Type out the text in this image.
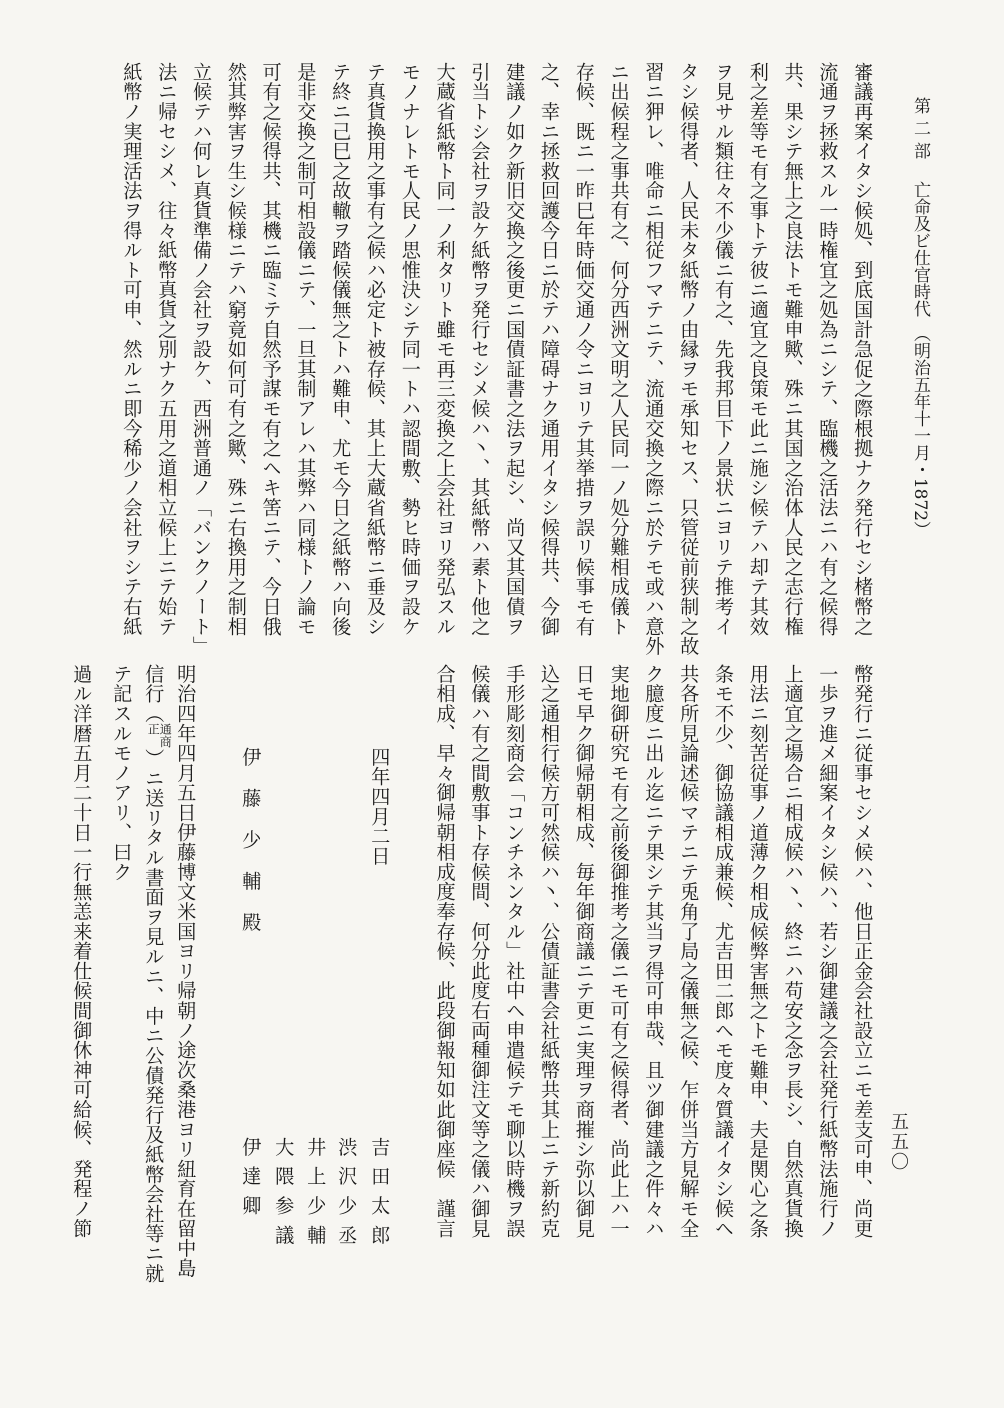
第 二 部亡命及ビ仕官時代（明治五年十一月・1872）
五五〇
審議再案イタシ候処、到底国計急促之際根拠ナク発行セシ楮幣之
流通ヲ拯救スル一時権宜之処為ニシテ、臨機之活法ニハ有之候得
共、果シテ無上之良法トモ難申歟、殊ニ其国之治体人民之志行権
利之差等モ有之事トテ彼ニ適宜之良策モ此ニ施シ候テハ却テ其效
ヲ見サル類往々不少儀ニ有之、先我邦目下ノ景状ニヨリテ推考イ
タシ候得者、人民未タ紙幣ノ由縁ヲモ承知セス、只管従前狭制之故
習ニ狎レ、唯命ニ相従フマテニテ、流通交換之際ニ於テモ或ハ意外
ニ出候程之事共有之、何分西洲文明之人民同一ノ処分難相成儀ト
存候、既ニ一昨巳年時価交通ノ令ニヨリテ其挙措ヲ誤リ候事モ有
之、幸ニ拯救回護今日ニ於テハ障碍ナク通用イタシ候得共、今御
建議ノ如ク新旧交換之後更ニ国債証書之法ヲ起シ、尚又其国債ヲ
引当トシ会社ヲ設ケ紙幣ヲ発行セシメ候ハ丶、其紙幣ハ素ト他之
大蔵省紙幣ト同一ノ利タリト雖モ再三変換之上会社ヨリ発弘スル
モノナレトモ人民ノ思惟決シテ同一トハ認間敷、勢ヒ時価ヲ設ケ
テ真貨換用之事有之候ハ必定ト被存候、其上大蔵省紙幣ニ垂及シ
テ終ニ己巳之故轍ヲ踏候儀無之トハ難申、尤モ今日之紙幣ハ向後
是非交換之制可相設儀ニテ、一旦其制アレハ其弊ハ同様トノ論モ
可有之候得共、其機ニ臨ミテ自然予謀モ有之ヘキ筈ニテ、今日俄
然其弊害ヲ生シ候様ニテハ窮竟如何可有之歟、殊ニ右換用之制相
立候テハ何レ真貨準備ノ会社ヲ設ケ、西洲普通ノ「バンクノート」
法ニ帰セシメ、往々紙幣真貨之別ナク五用之道相立候上ニテ始テ
紙幣ノ実理活法ヲ得ルト可申、然ルニ即今稀少ノ会社ヲシテ右紙
幣発行ニ従事セシメ候ハ、他日正金会社設立ニモ差支可申、尚更
一歩ヲ進メ細案イタシ候ハ、若シ御建議之会社発行紙幣法施行ノ
上適宜之場合ニ相成候ハ丶、終ニハ苟安之念ヲ長シ、自然真貨換
用法ニ刻苦従事ノ道薄ク相成候弊害無之トモ難申、夫是関心之条
条モ不少、御協議相成兼候、尤吉田二郎ヘモ度々質議イタシ候ヘ
共各所見論述候マテニテ兎角了局之儀無之候、乍併当方見解モ全
ク臆度ニ出ル迄ニテ果シテ其当ヲ得可申哉、且ツ御建議之件々ハ
実地御研究モ有之前後御推考之儀ニモ可有之候得者、尚此上ハ一
日モ早ク御帰朝相成、毎年御商議ニテ更ニ実理ヲ商摧シ弥以御見
込之通相行候方可然候ハ丶、公債証書会社紙幣共其上ニテ新約克
手形彫刻商会「コンチネンタル」社中ヘ申遣候テモ聊以時機ヲ誤
候儀ハ有之間敷事ト存候間、何分此度右両種御注文等之儀ハ御見
合相成、早々御帰朝相成度奉存候、此段御報知如此御座候　謹言
四年四月二日
吉 田 太 郎
渋 沢 少 丞
井 上 少 輔
大 隈 参 議
伊 達 卿
伊 藤 少 輔 殿
明治四年四月五日伊藤博文米国ヨリ帰朝ノ途次桑港ヨリ紐育在留中島
信行（通商
正）ニ送リタル書面ヲ見ルニ、中ニ公債発行及紙幣会社等ニ就
テ記スルモノアリ、曰ク
過ル洋暦五月二十日一行無恙来着仕候間御休神可給候、発程ノ節
